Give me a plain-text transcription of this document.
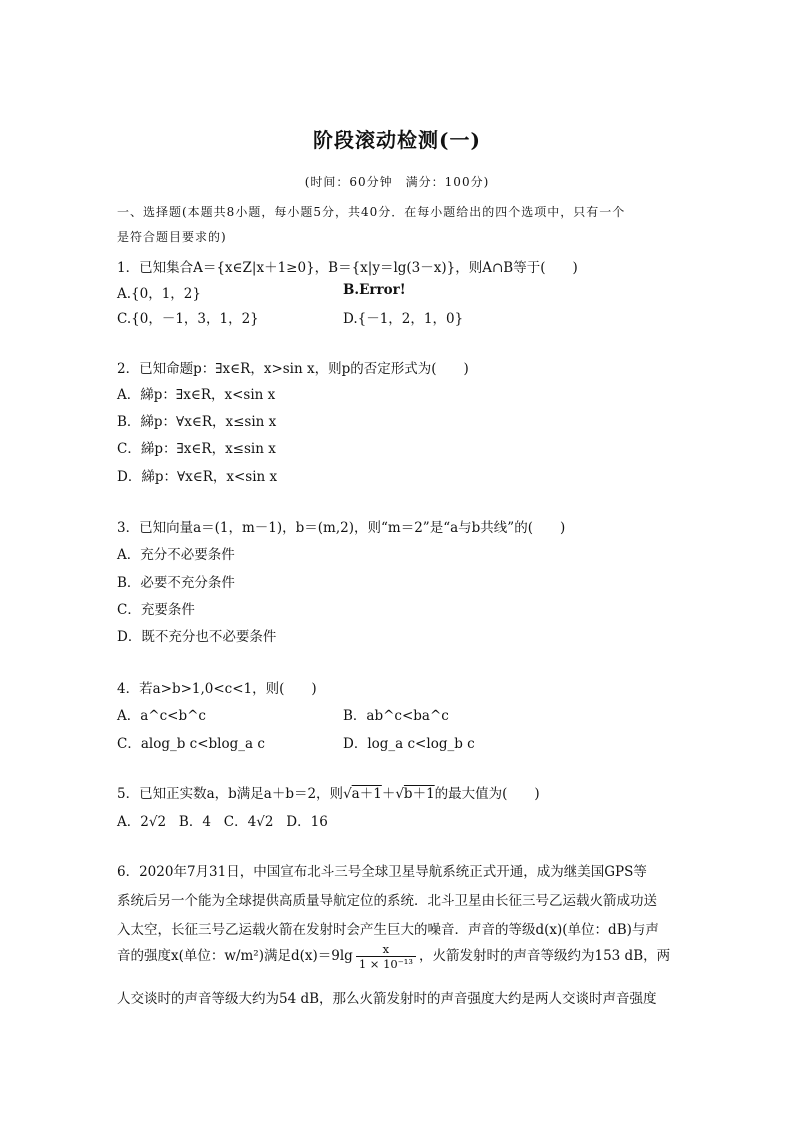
阶段滚动检测(一)
(时间：60分钟　满分：100分)
一、选择题(本题共8小题，每小题5分，共40分．在每小题给出的四个选项中，只有一个
是符合题目要求的)
1．已知集合A＝{x∈Z|x＋1≥0}，B＝{x|y＝lg(3－x)}，则A∩B等于(　　)
A.{0，1，2}	B.Error!
C.{0，－1，3，1，2}	D.{－1，2，1，0}
2．已知命题p：∃x∈R，x>sin x，则p的否定形式为(　　)
A．綈p：∃x∈R，x<sin x
B．綈p：∀x∈R，x≤sin x
C．綈p：∃x∈R，x≤sin x
D．綈p：∀x∈R，x<sin x
3．已知向量a＝(1，m－1)，b＝(m,2)，则“m＝2”是“a与b共线”的(　　)
A．充分不必要条件
B．必要不充分条件
C．充要条件
D．既不充分也不必要条件
4．若a>b>1,0<c<1，则(　　)
A．a^c<b^c	B．ab^c<ba^c
C．alog_b c<blog_a c	D．log_a c<log_b c
5．已知正实数a，b满足a＋b＝2，则√a＋1＋√b＋1的最大值为(　　)
A．2√2 B．4 C．4√2 D．16
6．2020年7月31日，中国宣布北斗三号全球卫星导航系统正式开通，成为继美国GPS等
系统后另一个能为全球提供高质量导航定位的系统．北斗卫星由长征三号乙运载火箭成功送
入太空，长征三号乙运载火箭在发射时会产生巨大的噪音．声音的等级d(x)(单位：dB)与声
音的强度x(单位：w/m²)满足$d(x)=9\lg \frac{x}{\text{1 × 10⁻¹³}}$ ，火箭发射时的声音等级约为153 dB，两
人交谈时的声音等级大约为54 dB，那么火箭发射时的声音强度大约是两人交谈时声音强度
